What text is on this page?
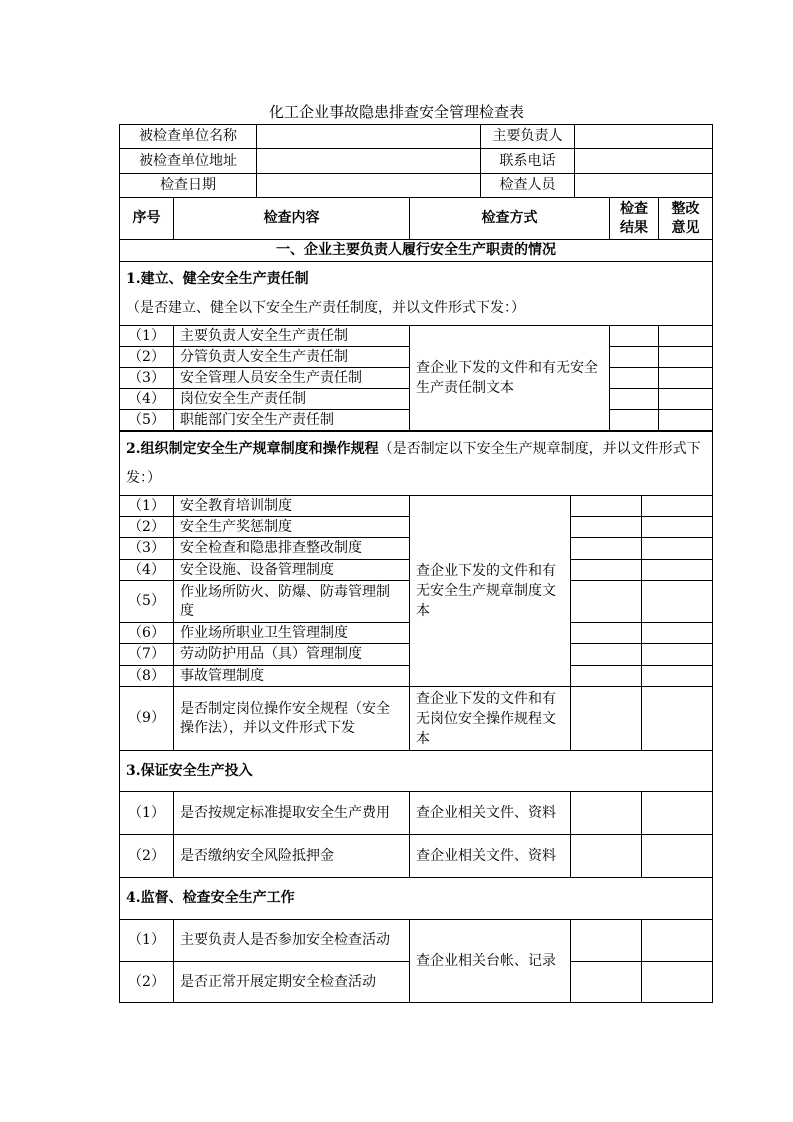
化工企业事故隐患排查安全管理检查表
被检查单位名称		主要负责人	
被检查单位地址		联系电话	
检查日期		检查人员	
序号	检查内容	检查方式	检查结果	整改意见
一、企业主要负责人履行安全生产职责的情况				
1.建立、健全安全生产责任制（是否建立、健全以下安全生产责任制度，并以文件形式下发：）				
（1）	主要负责人安全生产责任制	查企业下发的文件和有无安全生产责任制文本		
（2）	分管负责人安全生产责任制			
（3）	安全管理人员安全生产责任制			
（4）	岗位安全生产责任制			
（5）	职能部门安全生产责任制			
2.组织制定安全生产规章制度和操作规程（是否制定以下安全生产规章制度，并以文件形式下发：）				
（1）	安全教育培训制度	查企业下发的文件和有无安全生产规章制度文本		
（2）	安全生产奖惩制度			
（3）	安全检查和隐患排查整改制度			
（4）	安全设施、设备管理制度			
（5）	作业场所防火、防爆、防毒管理制度			
（6）	作业场所职业卫生管理制度			
（7）	劳动防护用品（具）管理制度			
（8）	事故管理制度			
（9）	是否制定岗位操作安全规程（安全操作法），并以文件形式下发	查企业下发的文件和有无岗位安全操作规程文本		
3.保证安全生产投入				
（1）	是否按规定标准提取安全生产费用	查企业相关文件、资料		
（2）	是否缴纳安全风险抵押金	查企业相关文件、资料		
4.监督、检查安全生产工作				
（1）	主要负责人是否参加安全检查活动	查企业相关台帐、记录		
（2）	是否正常开展定期安全检查活动			
